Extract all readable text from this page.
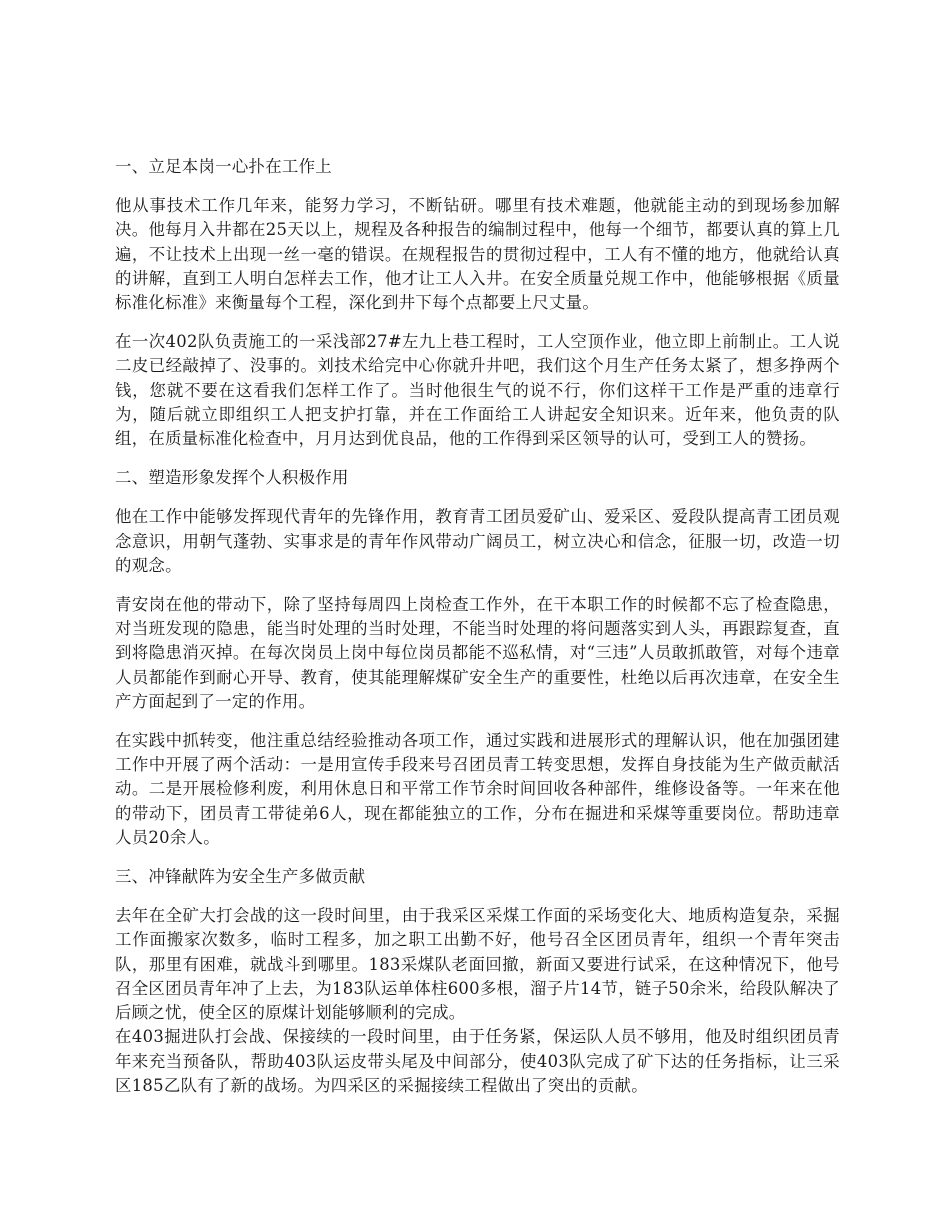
一、立足本岗一心扑在工作上

他从事技术工作几年来，能努力学习，不断钻研。哪里有技术难题，他就能主动的到现场参加解决。他每月入井都在25天以上，规程及各种报告的编制过程中，他每一个细节，都要认真的算上几遍，不让技术上出现一丝一毫的错误。在规程报告的贯彻过程中，工人有不懂的地方，他就给认真的讲解，直到工人明白怎样去工作，他才让工人入井。在安全质量兑规工作中，他能够根据《质量标准化标准》来衡量每个工程，深化到井下每个点都要上尺丈量。

在一次402队负责施工的一采浅部27#左九上巷工程时，工人空顶作业，他立即上前制止。工人说二皮已经敲掉了、没事的。刘技术给完中心你就升井吧，我们这个月生产任务太紧了，想多挣两个钱，您就不要在这看我们怎样工作了。当时他很生气的说不行，你们这样干工作是严重的违章行为，随后就立即组织工人把支护打靠，并在工作面给工人讲起安全知识来。近年来，他负责的队组，在质量标准化检查中，月月达到优良品，他的工作得到采区领导的认可，受到工人的赞扬。

二、塑造形象发挥个人积极作用

他在工作中能够发挥现代青年的先锋作用，教育青工团员爱矿山、爱采区、爱段队提高青工团员观念意识，用朝气蓬勃、实事求是的青年作风带动广阔员工，树立决心和信念，征服一切，改造一切的观念。

青安岗在他的带动下，除了坚持每周四上岗检查工作外，在干本职工作的时候都不忘了检查隐患，对当班发现的隐患，能当时处理的当时处理，不能当时处理的将问题落实到人头，再跟踪复查，直到将隐患消灭掉。在每次岗员上岗中每位岗员都能不巡私情，对“三违”人员敢抓敢管，对每个违章人员都能作到耐心开导、教育，使其能理解煤矿安全生产的重要性，杜绝以后再次违章，在安全生产方面起到了一定的作用。

在实践中抓转变，他注重总结经验推动各项工作，通过实践和进展形式的理解认识，他在加强团建工作中开展了两个活动：一是用宣传手段来号召团员青工转变思想，发挥自身技能为生产做贡献活动。二是开展检修利废，利用休息日和平常工作节余时间回收各种部件，维修设备等。一年来在他的带动下，团员青工带徒弟6人，现在都能独立的工作，分布在掘进和采煤等重要岗位。帮助违章人员20余人。

三、冲锋献阵为安全生产多做贡献

去年在全矿大打会战的这一段时间里，由于我采区采煤工作面的采场变化大、地质构造复杂，采掘工作面搬家次数多，临时工程多，加之职工出勤不好，他号召全区团员青年，组织一个青年突击队，那里有困难，就战斗到哪里。183采煤队老面回撤，新面又要进行试采，在这种情况下，他号召全区团员青年冲了上去，为183队运单体柱600多根，溜子片14节，链子50余米，给段队解决了后顾之忧，使全区的原煤计划能够顺利的完成。

在403掘进队打会战、保接续的一段时间里，由于任务紧，保运队人员不够用，他及时组织团员青年来充当预备队，帮助403队运皮带头尾及中间部分，使403队完成了矿下达的任务指标，让三采区185乙队有了新的战场。为四采区的采掘接续工程做出了突出的贡献。
